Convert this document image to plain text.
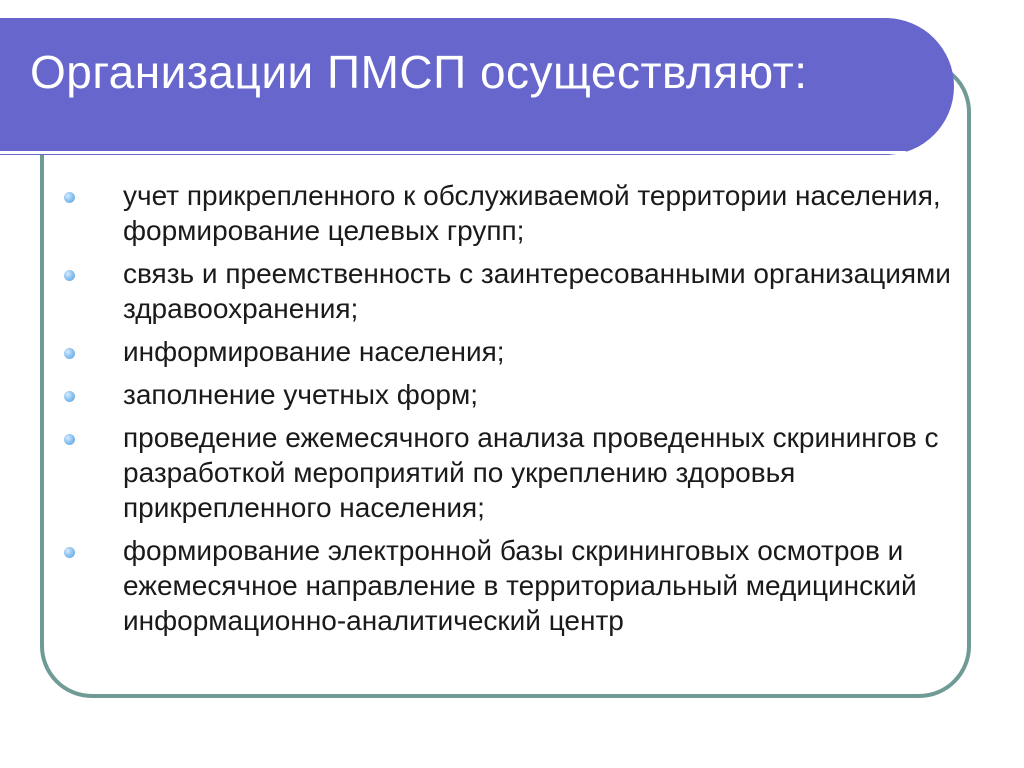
Организации ПМСП осуществляют:
учет прикрепленного к обслуживаемой территории населения, формирование целевых групп;
связь и преемственность с заинтересованными организациями здравоохранения;
информирование населения;
заполнение учетных форм;
проведение ежемесячного анализа проведенных скринингов с разработкой мероприятий по укреплению здоровья прикрепленного населения;
формирование электронной базы скрининговых осмотров и ежемесячное направление в территориальный медицинский информационно-аналитический центр
